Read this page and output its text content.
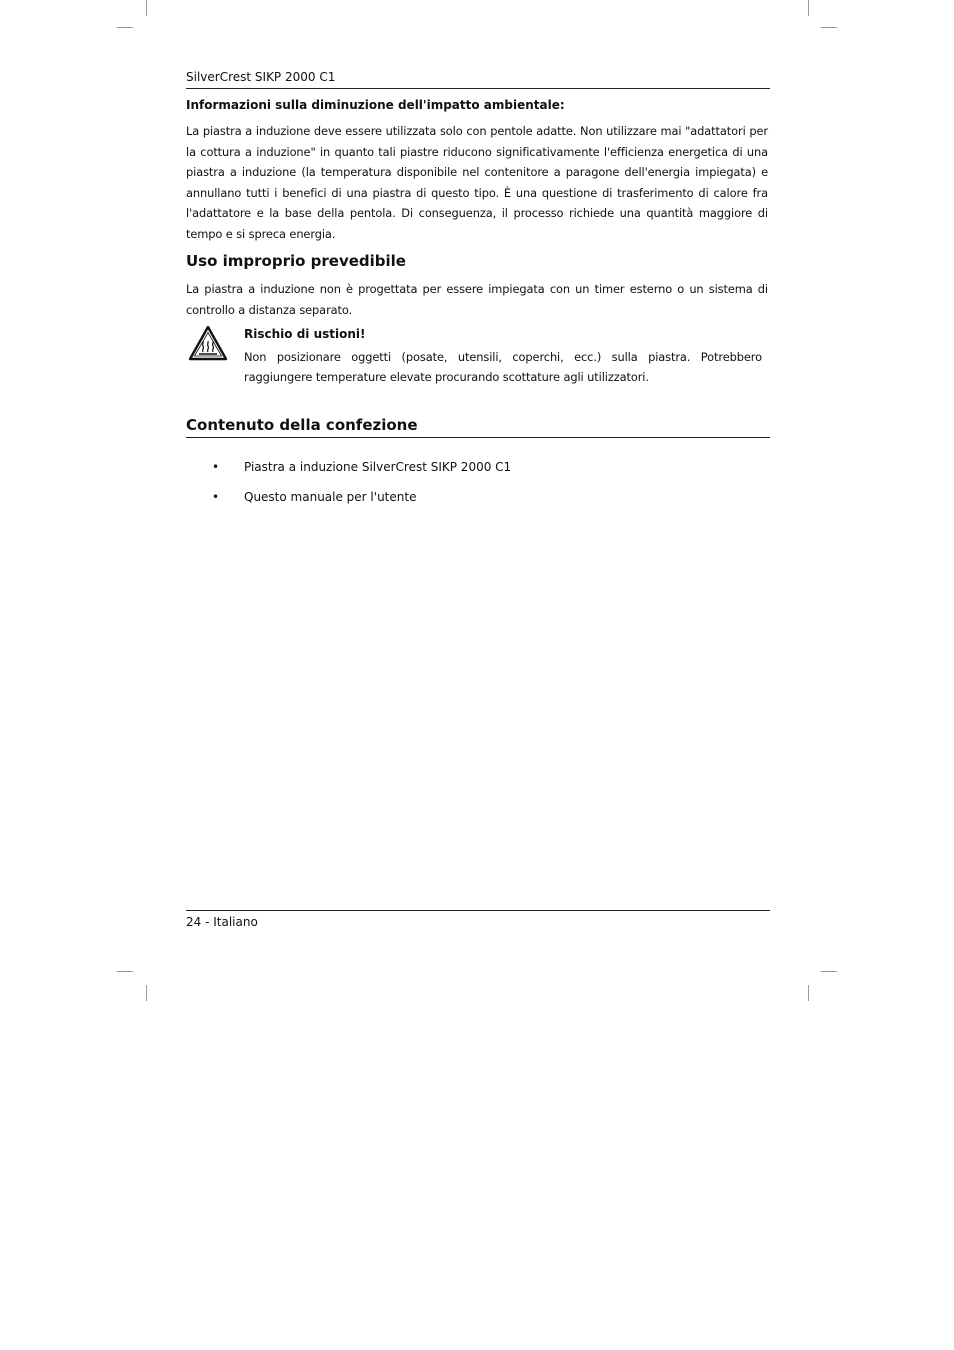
SilverCrest SIKP 2000 C1
Informazioni sulla diminuzione dell'impatto ambientale:
La piastra a induzione deve essere utilizzata solo con pentole adatte. Non utilizzare mai "adattatori per la cottura a induzione" in quanto tali piastre riducono significativamente l'efficienza energetica di una piastra a induzione (la temperatura disponibile nel contenitore a paragone dell'energia impiegata) e annullano tutti i benefici di una piastra di questo tipo. È una questione di trasferimento di calore fra l'adattatore e la base della pentola. Di conseguenza, il processo richiede una quantità maggiore di tempo e si spreca energia.
Uso improprio prevedibile
La piastra a induzione non è progettata per essere impiegata con un timer esterno o un sistema di controllo a distanza separato.
Rischio di ustioni!
Non posizionare oggetti (posate, utensili, coperchi, ecc.) sulla piastra. Potrebbero raggiungere temperature elevate procurando scottature agli utilizzatori.
Contenuto della confezione
• Piastra a induzione SilverCrest SIKP 2000 C1
• Questo manuale per l'utente
24 - Italiano
